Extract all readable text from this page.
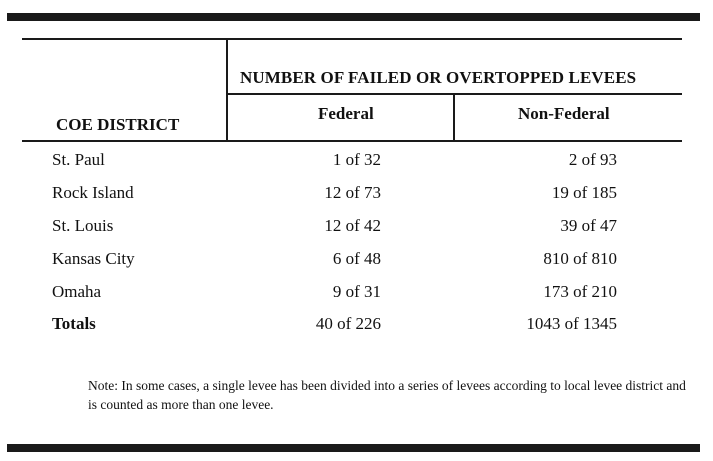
NUMBER OF FAILED OR OVERTOPPED LEVEES
COE DISTRICT
Federal	Non-Federal
St. Paul	1 of 32	2 of 93
Rock Island	12 of 73	19 of 185
St. Louis	12 of 42	39 of 47
Kansas City	6 of 48	810 of 810
Omaha	9 of 31	173 of 210
Totals	40 of 226	1043 of 1345
Note: In some cases, a single levee has been divided into a series of levees according to local levee district and is counted as more than one levee.
